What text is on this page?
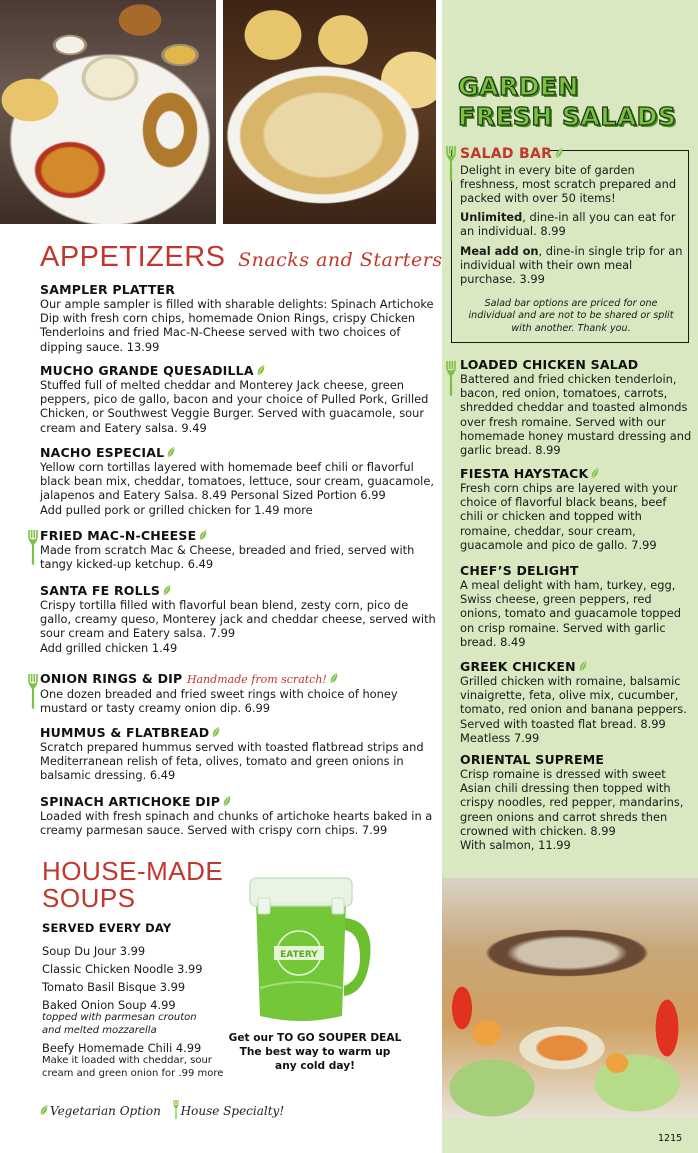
APPETIZERS Snacks and Starters
SAMPLER PLATTER
Our ample sampler is filled with sharable delights: Spinach Artichoke Dip with fresh corn chips, homemade Onion Rings, crispy Chicken Tenderloins and fried Mac-N-Cheese served with two choices of dipping sauce. 13.99
MUCHO GRANDE QUESADILLA
Stuffed full of melted cheddar and Monterey Jack cheese, green peppers, pico de gallo, bacon and your choice of Pulled Pork, Grilled Chicken, or Southwest Veggie Burger. Served with guacamole, sour cream and Eatery salsa. 9.49
NACHO ESPECIAL
Yellow corn tortillas layered with homemade beef chili or flavorful black bean mix, cheddar, tomatoes, lettuce, sour cream, guacamole, jalapenos and Eatery Salsa. 8.49 Personal Sized Portion 6.99
Add pulled pork or grilled chicken for 1.49 more
FRIED MAC-N-CHEESE
Made from scratch Mac & Cheese, breaded and fried, served with tangy kicked-up ketchup. 6.49
SANTA FE ROLLS
Crispy tortilla filled with flavorful bean blend, zesty corn, pico de gallo, creamy queso, Monterey jack and cheddar cheese, served with sour cream and Eatery salsa. 7.99
Add grilled chicken 1.49
ONION RINGS & DIP Handmade from scratch!
One dozen breaded and fried sweet rings with choice of honey mustard or tasty creamy onion dip. 6.99
HUMMUS & FLATBREAD
Scratch prepared hummus served with toasted flatbread strips and Mediterranean relish of feta, olives, tomato and green onions in balsamic dressing. 6.49
SPINACH ARTICHOKE DIP
Loaded with fresh spinach and chunks of artichoke hearts baked in a creamy parmesan sauce. Served with crispy corn chips. 7.99
HOUSE-MADE
SOUPS
SERVED EVERY DAY
Soup Du Jour 3.99
Classic Chicken Noodle 3.99
Tomato Basil Bisque 3.99
Baked Onion Soup 4.99
topped with parmesan crouton and melted mozzarella
Beefy Homemade Chili 4.99
Make it loaded with cheddar, sour cream and green onion for .99 more
EATERY
Get our TO GO SOUPER DEAL
The best way to warm up
any cold day!
Vegetarian Option House Specialty!
GARDEN
FRESH SALADS
SALAD BAR
Delight in every bite of garden freshness, most scratch prepared and packed with over 50 items!
Unlimited, dine-in all you can eat for an individual. 8.99
Meal add on, dine-in single trip for an individual with their own meal purchase. 3.99
Salad bar options are priced for one individual and are not to be shared or split with another. Thank you.
LOADED CHICKEN SALAD
Battered and fried chicken tenderloin, bacon, red onion, tomatoes, carrots, shredded cheddar and toasted almonds over fresh romaine. Served with our homemade honey mustard dressing and garlic bread. 8.99
FIESTA HAYSTACK
Fresh corn chips are layered with your choice of flavorful black beans, beef chili or chicken and topped with romaine, cheddar, sour cream, guacamole and pico de gallo. 7.99
CHEF’S DELIGHT
A meal delight with ham, turkey, egg, Swiss cheese, green peppers, red onions, tomato and guacamole topped on crisp romaine. Served with garlic bread. 8.49
GREEK CHICKEN
Grilled chicken with romaine, balsamic vinaigrette, feta, olive mix, cucumber, tomato, red onion and banana peppers. Served with toasted flat bread. 8.99 Meatless 7.99
ORIENTAL SUPREME
Crisp romaine is dressed with sweet Asian chili dressing then topped with crispy noodles, red pepper, mandarins, green onions and carrot shreds then crowned with chicken. 8.99
With salmon, 11.99
1215
